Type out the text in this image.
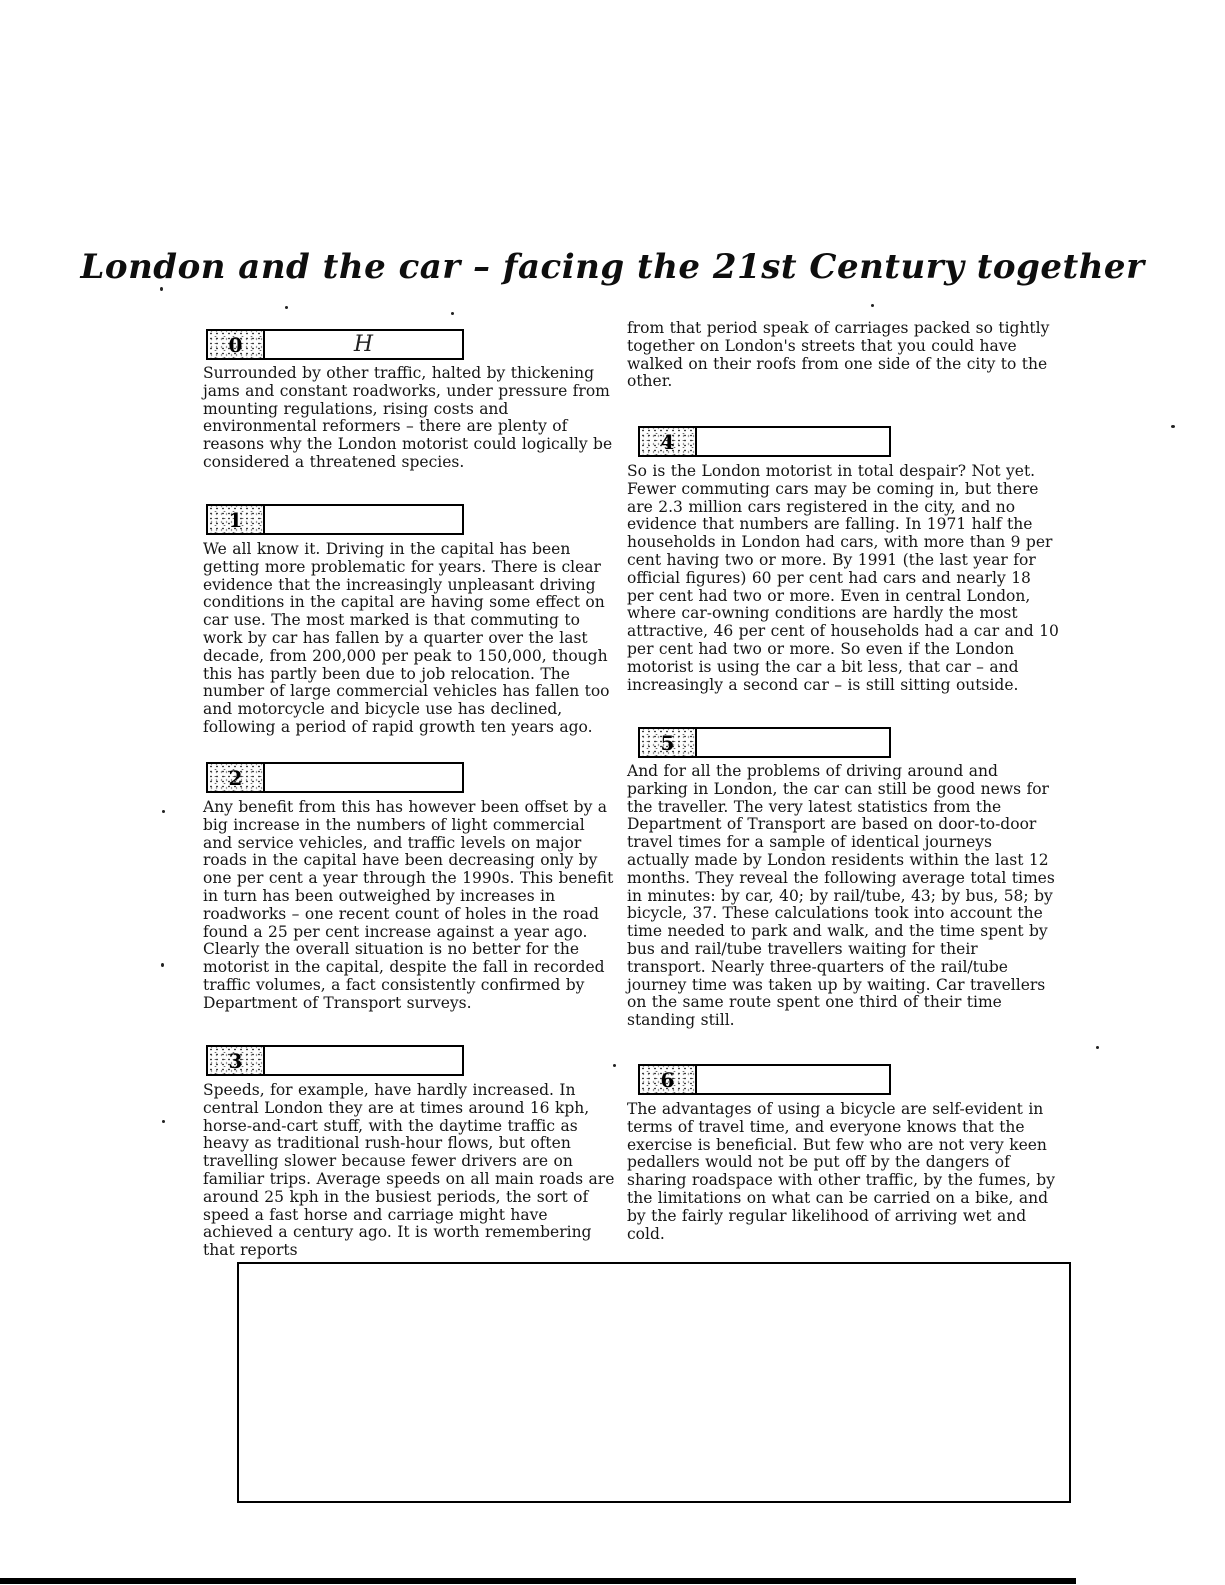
London and the car – facing the 21st Century together
0	H

Surrounded by other traffic, halted by thickening jams and constant roadworks, under pressure from mounting regulations, rising costs and environmental reformers – there are plenty of reasons why the London motorist could logically be considered a threatened species.

1

We all know it. Driving in the capital has been getting more problematic for years. There is clear evidence that the increasingly unpleasant driving conditions in the capital are having some effect on car use. The most marked is that commuting to work by car has fallen by a quarter over the last decade, from 200,000 per peak to 150,000, though this has partly been due to job relocation. The number of large commercial vehicles has fallen too and motorcycle and bicycle use has declined, following a period of rapid growth ten years ago.

2

Any benefit from this has however been offset by a big increase in the numbers of light commercial and service vehicles, and traffic levels on major roads in the capital have been decreasing only by one per cent a year through the 1990s. This benefit in turn has been outweighed by increases in roadworks – one recent count of holes in the road found a 25 per cent increase against a year ago. Clearly the overall situation is no better for the motorist in the capital, despite the fall in recorded traffic volumes, a fact consistently confirmed by Department of Transport surveys.

3

Speeds, for example, have hardly increased. In central London they are at times around 16 kph, horse-and-cart stuff, with the daytime traffic as heavy as traditional rush-hour flows, but often travelling slower because fewer drivers are on familiar trips. Average speeds on all main roads are around 25 kph in the busiest periods, the sort of speed a fast horse and carriage might have achieved a century ago. It is worth remembering that reports

from that period speak of carriages packed so tightly together on London's streets that you could have walked on their roofs from one side of the city to the other.

4

So is the London motorist in total despair? Not yet. Fewer commuting cars may be coming in, but there are 2.3 million cars registered in the city, and no evidence that numbers are falling. In 1971 half the households in London had cars, with more than 9 per cent having two or more. By 1991 (the last year for official figures) 60 per cent had cars and nearly 18 per cent had two or more. Even in central London, where car-owning conditions are hardly the most attractive, 46 per cent of households had a car and 10 per cent had two or more. So even if the London motorist is using the car a bit less, that car – and increasingly a second car – is still sitting outside.

5

And for all the problems of driving around and parking in London, the car can still be good news for the traveller. The very latest statistics from the Department of Transport are based on door-to-door travel times for a sample of identical journeys actually made by London residents within the last 12 months. They reveal the following average total times in minutes: by car, 40; by rail/tube, 43; by bus, 58; by bicycle, 37. These calculations took into account the time needed to park and walk, and the time spent by bus and rail/tube travellers waiting for their transport. Nearly three-quarters of the rail/tube journey time was taken up by waiting. Car travellers on the same route spent one third of their time standing still.

6

The advantages of using a bicycle are self-evident in terms of travel time, and everyone knows that the exercise is beneficial. But few who are not very keen pedallers would not be put off by the dangers of sharing roadspace with other traffic, by the fumes, by the limitations on what can be carried on a bike, and by the fairly regular likelihood of arriving wet and cold.
